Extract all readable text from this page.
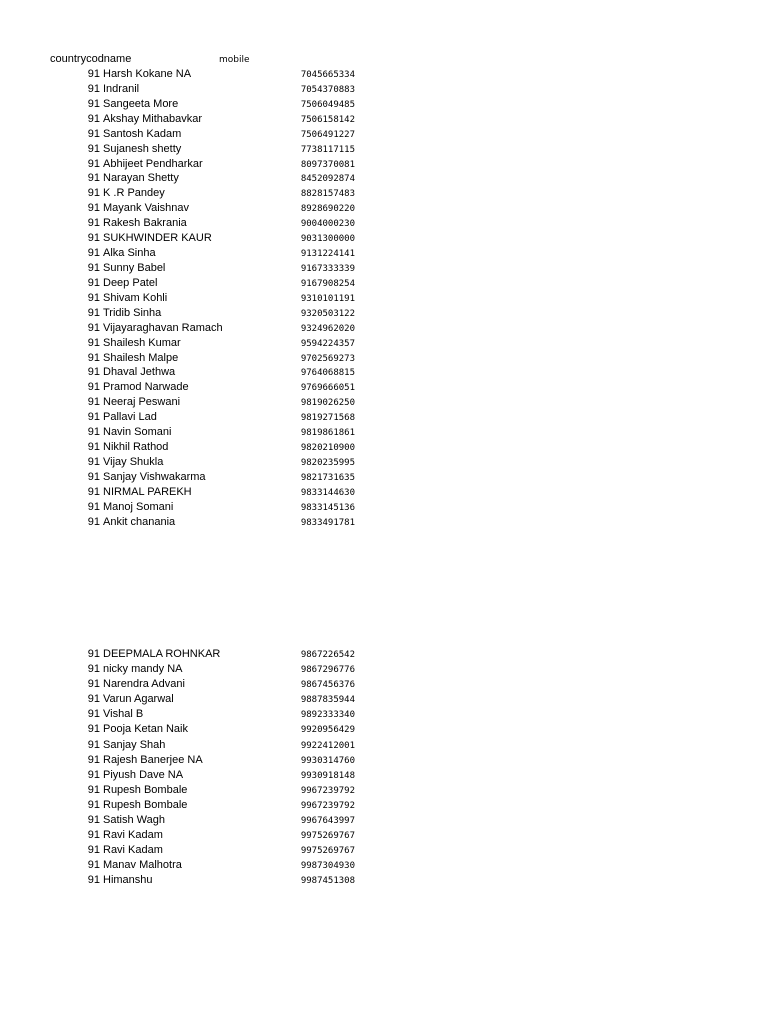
countrycodname	mobile
91 Harsh Kokane NA	7045665334
91 Indranil	7054370883
91 Sangeeta More	7506049485
91 Akshay Mithabavkar	7506158142
91 Santosh Kadam	7506491227
91 Sujanesh shetty	7738117115
91 Abhijeet Pendharkar	8097370081
91 Narayan Shetty	8452092874
91 K .R Pandey	8828157483
91 Mayank Vaishnav	8928690220
91 Rakesh Bakrania	9004000230
91 SUKHWINDER KAUR	9031300000
91 Alka Sinha	9131224141
91 Sunny Babel	9167333339
91 Deep Patel	9167908254
91 Shivam Kohli	9310101191
91 Tridib Sinha	9320503122
91 Vijayaraghavan Ramach	9324962020
91 Shailesh Kumar	9594224357
91 Shailesh Malpe	9702569273
91 Dhaval Jethwa	9764068815
91 Pramod Narwade	9769666051
91 Neeraj Peswani	9819026250
91 Pallavi Lad	9819271568
91 Navin Somani	9819861861
91 Nikhil Rathod	9820210900
91 Vijay Shukla	9820235995
91 Sanjay Vishwakarma	9821731635
91 NIRMAL PAREKH	9833144630
91 Manoj Somani	9833145136
91 Ankit chanania	9833491781
91 DEEPMALA ROHNKAR	9867226542
91 nicky mandy NA	9867296776
91 Narendra Advani	9867456376
91 Varun Agarwal	9887835944
91 Vishal B	9892333340
91 Pooja Ketan Naik	9920956429
91 Sanjay Shah	9922412001
91 Rajesh Banerjee NA	9930314760
91 Piyush Dave NA	9930918148
91 Rupesh Bombale	9967239792
91 Rupesh Bombale	9967239792
91 Satish Wagh	9967643997
91 Ravi Kadam	9975269767
91 Ravi Kadam	9975269767
91 Manav Malhotra	9987304930
91 Himanshu	9987451308
